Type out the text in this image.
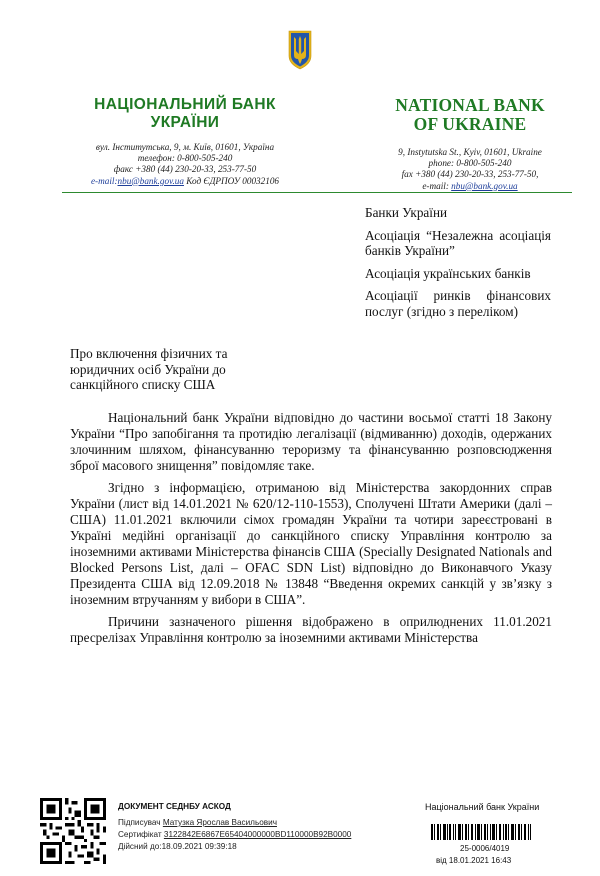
НАЦІОНАЛЬНИЙ БАНК
УКРАЇНИ
вул. Інститутська, 9, м. Київ, 01601, Україна
телефон: 0-800-505-240
факс +380 (44) 230-20-33, 253-77-50
e-mail:nbu@bank.gov.ua Код ЄДРПОУ 00032106
NATIONAL BANK
OF UKRAINE
9, Instytutska St., Kyiv, 01601, Ukraine
phone: 0-800-505-240
fax +380 (44) 230-20-33, 253-77-50,
e-mail: nbu@bank.gov.ua
Банки України
Асоціація “Незалежна асоціація банків України”
Асоціація українських банків
Асоціації ринків фінансових послуг (згідно з переліком)
Про включення фізичних та юридичних осіб України до санкційного списку США

Національний банк України відповідно до частини восьмої статті 18 Закону України “Про запобігання та протидію легалізації (відмиванню) доходів, одержаних злочинним шляхом, фінансуванню тероризму та фінансуванню розповсюдження зброї масового знищення” повідомляє таке.

Згідно з інформацією, отриманою від Міністерства закордонних справ України (лист від 14.01.2021 № 620/12-110-1553), Сполучені Штати Америки (далі – США) 11.01.2021 включили сімох громадян України та чотири зареєстровані в Україні медійні організації до санкційного списку Управління контролю за іноземними активами Міністерства фінансів США (Specially Designated Nationals and Blocked Persons List, далі – OFAC SDN List) відповідно до Виконавчого Указу Президента США від 12.09.2018 № 13848 “Введення окремих санкцій у зв’язку з іноземним втручанням у вибори в США”.

Причини зазначеного рішення відображено в оприлюднених 11.01.2021 пресрелізах Управління контролю за іноземними активами Міністерства

ДОКУМЕНТ СЕДНБУ АСКОД
Підписувач Матузка Ярослав Васильович
Сертифікат 3122842E6867E65404000000BD110000B92B0000
Дійсний до:18.09.2021 09:39:18
Національний банк України
25-0006/4019
від 18.01.2021 16:43
